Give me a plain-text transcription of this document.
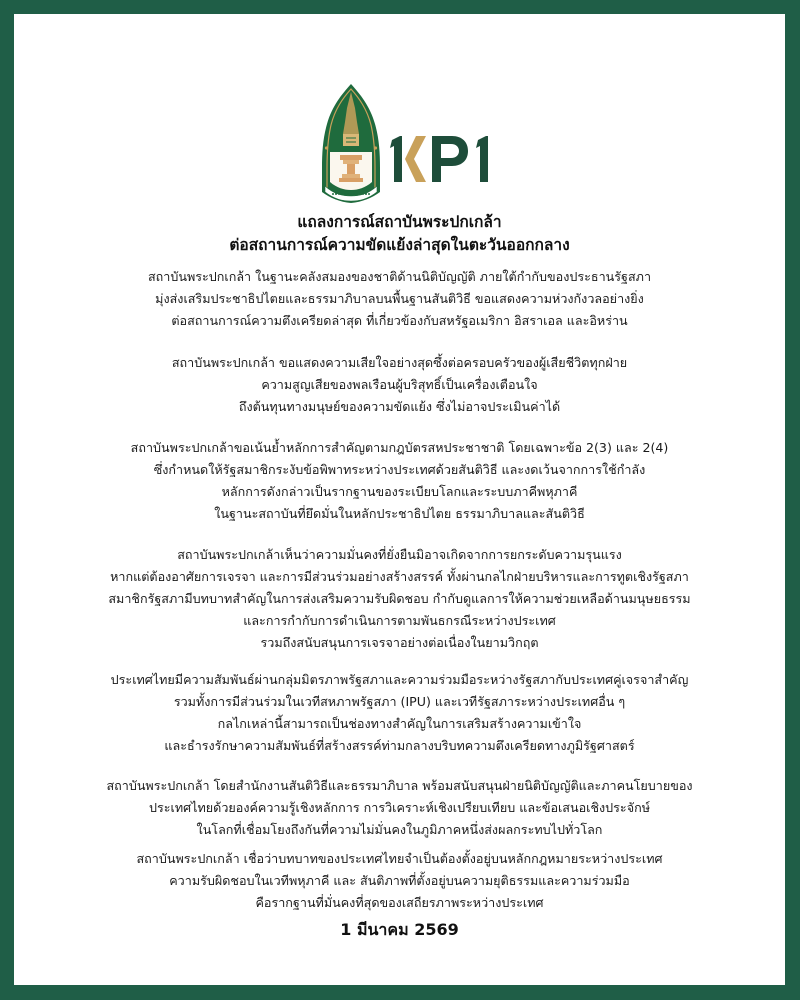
แถลงการณ์สถาบันพระปกเกล้า
ต่อสถานการณ์ความขัดแย้งล่าสุดในตะวันออกกลาง
สถาบันพระปกเกล้า ในฐานะคลังสมองของชาติด้านนิติบัญญัติ ภายใต้กำกับของประธานรัฐสภา
มุ่งส่งเสริมประชาธิปไตยและธรรมาภิบาลบนพื้นฐานสันติวิธี ขอแสดงความห่วงกังวลอย่างยิ่ง
ต่อสถานการณ์ความตึงเครียดล่าสุด ที่เกี่ยวข้องกับสหรัฐอเมริกา อิสราเอล และอิหร่าน
สถาบันพระปกเกล้า ขอแสดงความเสียใจอย่างสุดซึ้งต่อครอบครัวของผู้เสียชีวิตทุกฝ่าย
ความสูญเสียของพลเรือนผู้บริสุทธิ์เป็นเครื่องเตือนใจ
ถึงต้นทุนทางมนุษย์ของความขัดแย้ง ซึ่งไม่อาจประเมินค่าได้
สถาบันพระปกเกล้าขอเน้นย้ำหลักการสำคัญตามกฎบัตรสหประชาชาติ โดยเฉพาะข้อ 2(3) และ 2(4)
ซึ่งกำหนดให้รัฐสมาชิกระงับข้อพิพาทระหว่างประเทศด้วยสันติวิธี และงดเว้นจากการใช้กำลัง
หลักการดังกล่าวเป็นรากฐานของระเบียบโลกและระบบภาคีพหุภาคี
ในฐานะสถาบันที่ยึดมั่นในหลักประชาธิปไตย ธรรมาภิบาลและสันติวิธี
สถาบันพระปกเกล้าเห็นว่าความมั่นคงที่ยั่งยืนมิอาจเกิดจากการยกระดับความรุนแรง
หากแต่ต้องอาศัยการเจรจา และการมีส่วนร่วมอย่างสร้างสรรค์ ทั้งผ่านกลไกฝ่ายบริหารและการทูตเชิงรัฐสภา
สมาชิกรัฐสภามีบทบาทสำคัญในการส่งเสริมความรับผิดชอบ กำกับดูแลการให้ความช่วยเหลือด้านมนุษยธรรม
และการกำกับการดำเนินการตามพันธกรณีระหว่างประเทศ
รวมถึงสนับสนุนการเจรจาอย่างต่อเนื่องในยามวิกฤต
ประเทศไทยมีความสัมพันธ์ผ่านกลุ่มมิตรภาพรัฐสภาและความร่วมมือระหว่างรัฐสภากับประเทศคู่เจรจาสำคัญ
รวมทั้งการมีส่วนร่วมในเวทีสหภาพรัฐสภา (IPU) และเวทีรัฐสภาระหว่างประเทศอื่น ๆ
กลไกเหล่านี้สามารถเป็นช่องทางสำคัญในการเสริมสร้างความเข้าใจ
และธำรงรักษาความสัมพันธ์ที่สร้างสรรค์ท่ามกลางบริบทความตึงเครียดทางภูมิรัฐศาสตร์
สถาบันพระปกเกล้า โดยสำนักงานสันติวิธีและธรรมาภิบาล พร้อมสนับสนุนฝ่ายนิติบัญญัติและภาคนโยบายของ
ประเทศไทยด้วยองค์ความรู้เชิงหลักการ การวิเคราะห์เชิงเปรียบเทียบ และข้อเสนอเชิงประจักษ์
ในโลกที่เชื่อมโยงถึงกันที่ความไม่มั่นคงในภูมิภาคหนึ่งส่งผลกระทบไปทั่วโลก
สถาบันพระปกเกล้า เชื่อว่าบทบาทของประเทศไทยจำเป็นต้องตั้งอยู่บนหลักกฎหมายระหว่างประเทศ
ความรับผิดชอบในเวทีพหุภาคี และ สันติภาพที่ตั้งอยู่บนความยุติธรรมและความร่วมมือ
คือรากฐานที่มั่นคงที่สุดของเสถียรภาพระหว่างประเทศ
1 มีนาคม 2569
